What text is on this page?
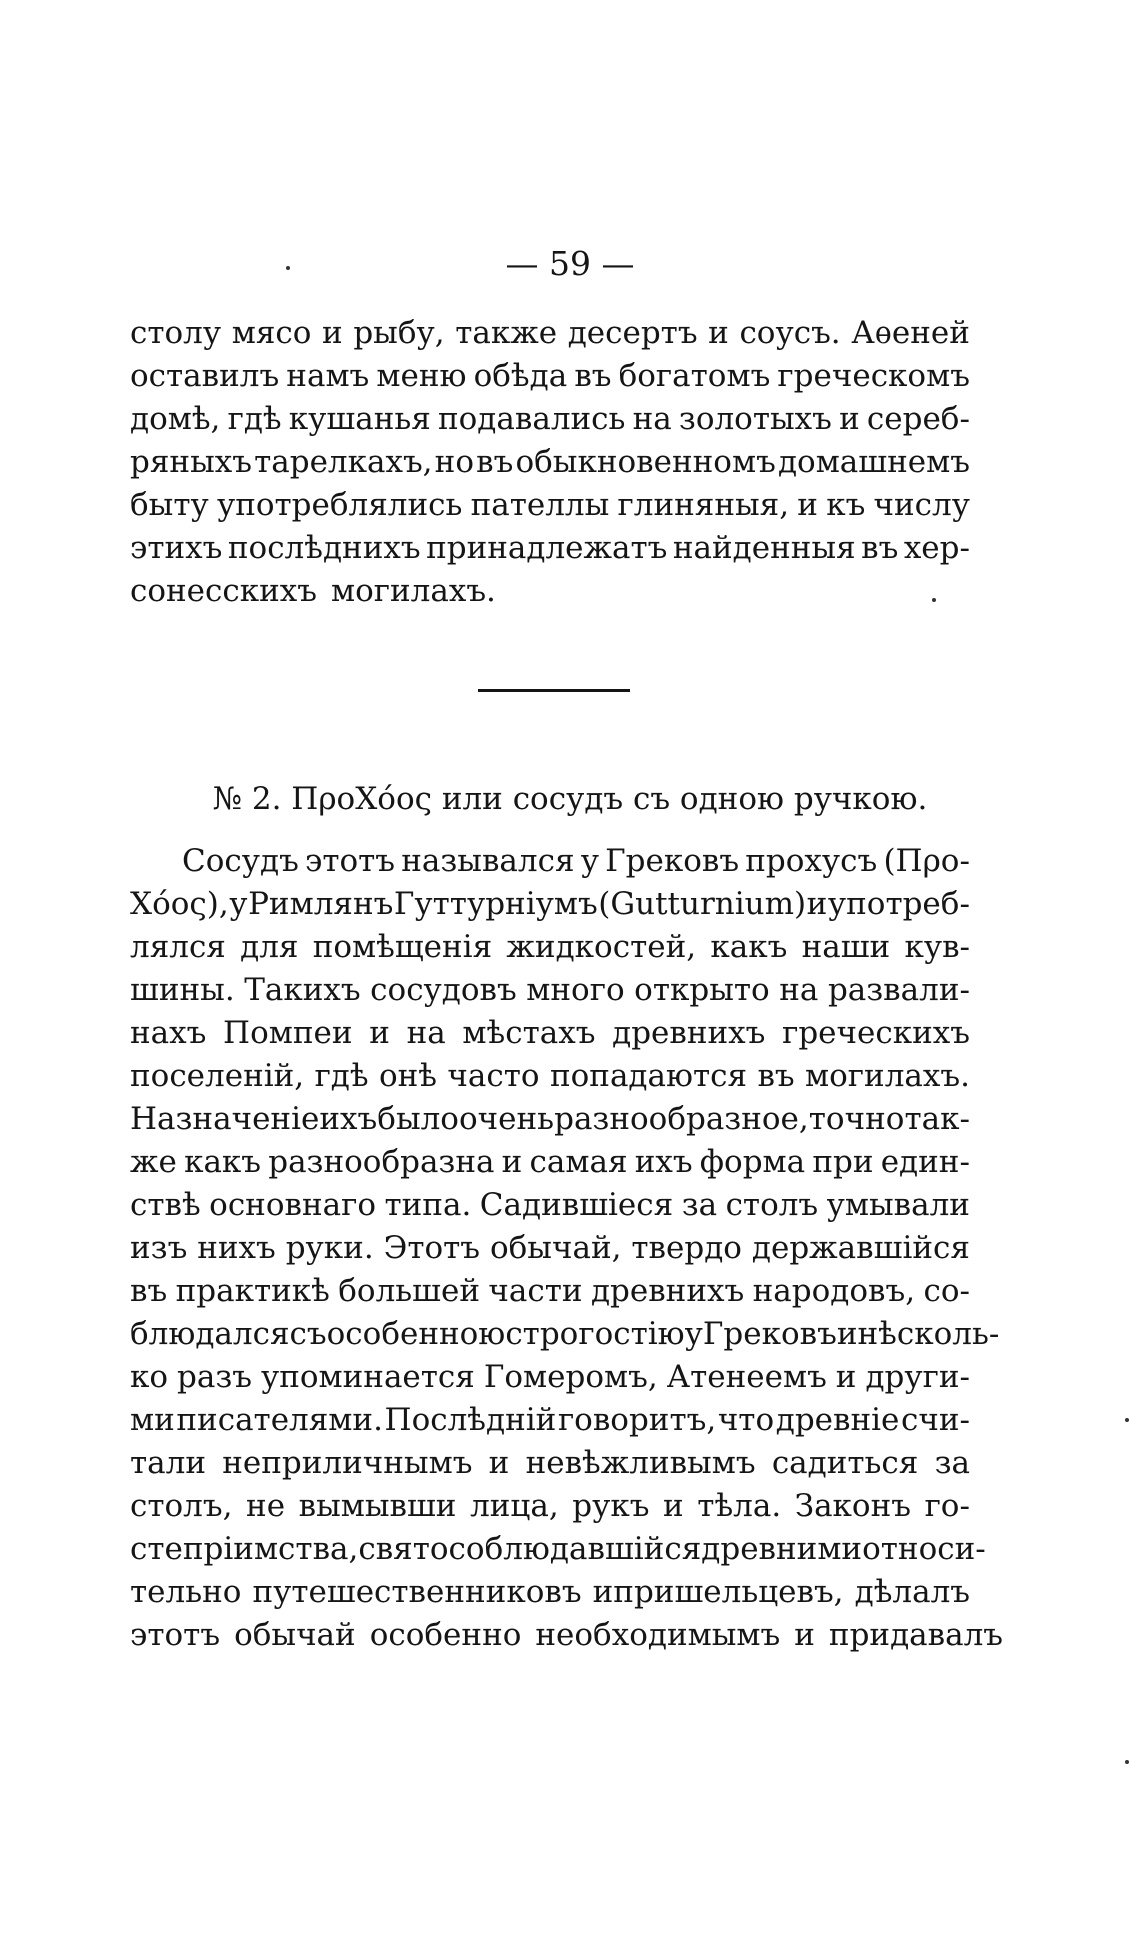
— 59 —
столу мясо и рыбу, также десертъ и соусъ. Аѳеней
оставилъ намъ меню обѣда въ богатомъ греческомъ
домѣ, гдѣ кушанья подавались на золотыхъ и сереб-
ряныхъ тарелкахъ, но въ обыкновенномъ домашнемъ
быту употреблялись пателлы глиняныя, и къ числу
этихъ послѣднихъ принадлежатъ найденныя въ хер-
сонесскихъ могилахъ.
№ 2. ПροΧόος или сосудъ съ одною ручкою.
Сосудъ этотъ назывался у Грековъ прохусъ (Προ-
Χόος), у Римлянъ Гуттурніумъ (Gutturnium) и употреб-
лялся для помѣщенія жидкостей, какъ наши кув-
шины. Такихъ сосудовъ много открыто на развали-
нахъ Помпеи и на мѣстахъ древнихъ греческихъ
поселеній, гдѣ онѣ часто попадаются въ могилахъ.
Назначеніе ихъ было очень разнообразное, точно так-
же какъ разнообразна и самая ихъ форма при един-
ствѣ основнаго типа. Садившіеся за столъ умывали
изъ нихъ руки. Этотъ обычай, твердо державшійся
въ практикѣ большей части древнихъ народовъ, со-
блюдался съ особенною строгостію у Грековъ и нѣсколь-
ко разъ упоминается Гомеромъ, Атенеемъ и други-
ми писателями. Послѣдній говоритъ, что древніе счи-
тали неприличнымъ и невѣжливымъ садиться за
столъ, не вымывши лица, рукъ и тѣла. Законъ го-
степріимства, свято соблюдавшійся древними относи-
тельно путешественниковъ ипришельцевъ, дѣлалъ
этотъ обычай особенно необходимымъ и придавалъ
